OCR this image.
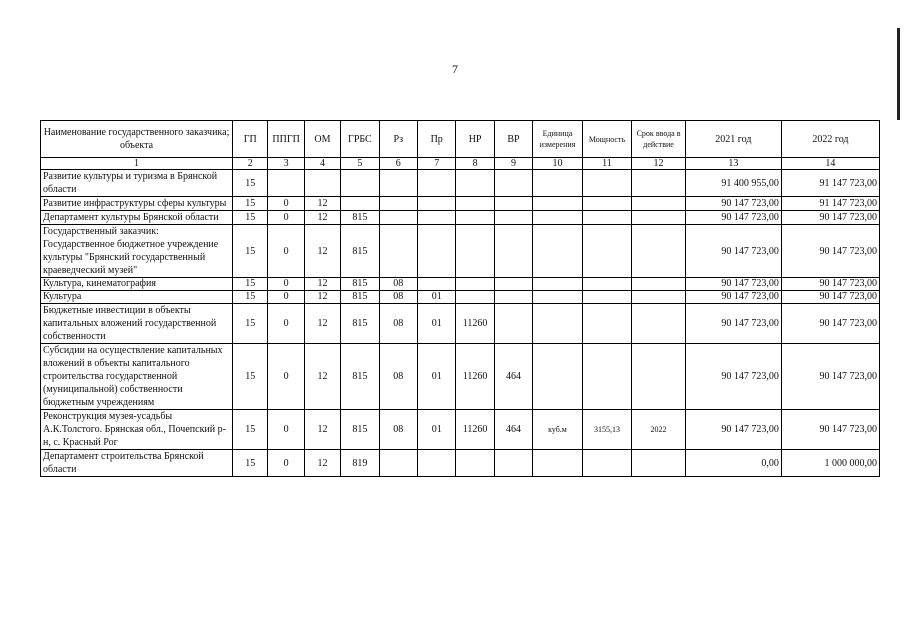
7
Наименование государственного заказчика; объекта	ГП	ППГП	ОМ	ГРБС	Рз	Пр	НР	ВР	Единица измерения	Мощность	Срок ввода в действие	2021 год	2022 год
1	2	3	4	5	6	7	8	9	10	11	12	13	14
Развитие культуры и туризма в Брянской области	15											91 400 955,00	91 147 723,00
Развитие инфраструктуры сферы культуры	15	0	12									90 147 723,00	91 147 723,00
Департамент культуры Брянской области	15	0	12	815								90 147 723,00	90 147 723,00
Государственный заказчик: Государственное бюджетное учреждение культуры "Брянский государственный краеведческий музей"	15	0	12	815								90 147 723,00	90 147 723,00
Культура, кинематография	15	0	12	815	08							90 147 723,00	90 147 723,00
Культура	15	0	12	815	08	01						90 147 723,00	90 147 723,00
Бюджетные инвестиции в объекты капитальных вложений государственной собственности	15	0	12	815	08	01	11260					90 147 723,00	90 147 723,00
Субсидии на осуществление капитальных вложений в объекты капитального строительства государственной (муниципальной) собственности бюджетным учреждениям	15	0	12	815	08	01	11260	464				90 147 723,00	90 147 723,00
Реконструкция музея-усадьбы А.К.Толстого. Брянская обл., Почепский р-н, с. Красный Рог	15	0	12	815	08	01	11260	464	куб.м	3155,13	2022	90 147 723,00	90 147 723,00
Департамент строительства Брянской области	15	0	12	819								0,00	1 000 000,00
